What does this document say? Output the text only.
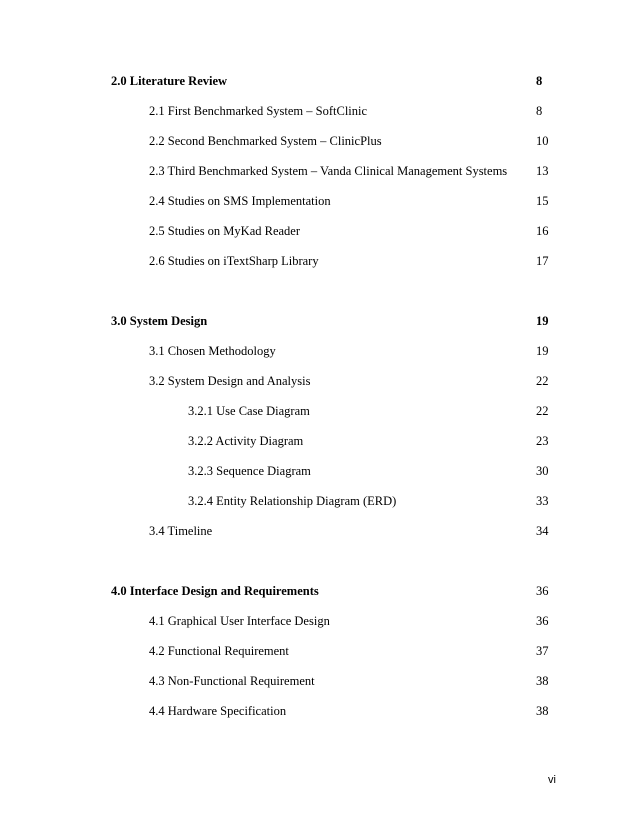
2.0 Literature Review	8
2.1 First Benchmarked System – SoftClinic	8
2.2 Second Benchmarked System – ClinicPlus	10
2.3 Third Benchmarked System – Vanda Clinical Management Systems 13
2.4 Studies on SMS Implementation	15
2.5 Studies on MyKad Reader	16
2.6 Studies on iTextSharp Library	17
3.0 System Design	19
3.1 Chosen Methodology	19
3.2 System Design and Analysis	22
3.2.1 Use Case Diagram	22
3.2.2 Activity Diagram	23
3.2.3 Sequence Diagram	30
3.2.4 Entity Relationship Diagram (ERD)	33
3.4 Timeline	34
4.0 Interface Design and Requirements	36
4.1 Graphical User Interface Design	36
4.2 Functional Requirement	37
4.3 Non-Functional Requirement	38
4.4 Hardware Specification	38
vi
